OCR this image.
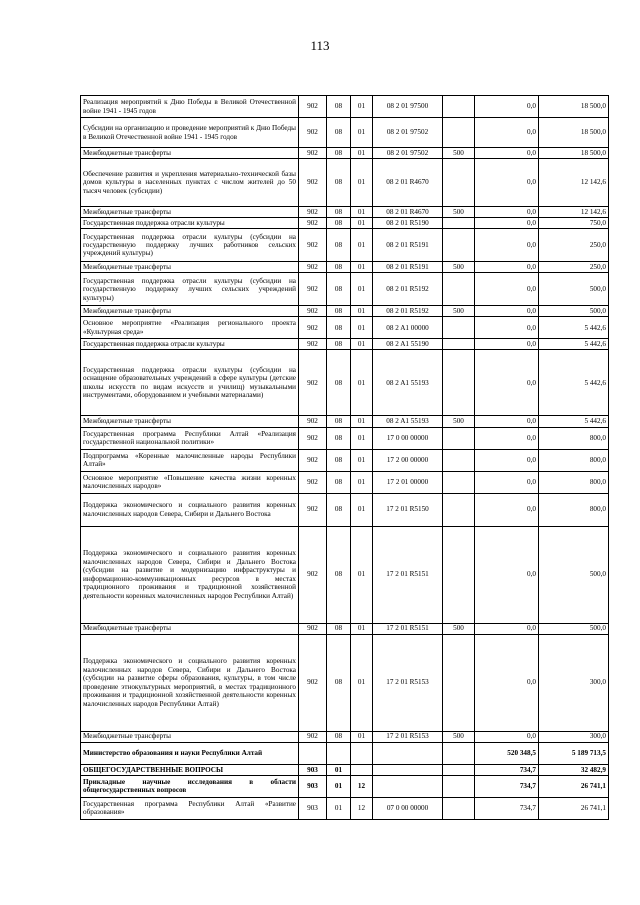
113
Реализация мероприятий к Дню Победы в Великой Отечественной войне 1941 - 1945 годов	902	08	01	08 2 01 97500		0,0	18 500,0
Субсидии на организацию и проведение мероприятий к Дню Победы в Великой Отечественной войне 1941 - 1945 годов	902	08	01	08 2 01 97502		0,0	18 500,0
Межбюджетные трансферты	902	08	01	08 2 01 97502	500	0,0	18 500,0
Обеспечение развития и укрепления материально-технической базы домов культуры в населенных пунктах с числом жителей до 50 тысяч человек (субсидии)	902	08	01	08 2 01 R4670		0,0	12 142,6
Межбюджетные трансферты	902	08	01	08 2 01 R4670	500	0,0	12 142,6
Государственная поддержка отрасли культуры	902	08	01	08 2 01 R5190		0,0	750,0
Государственная поддержка отрасли культуры (субсидии на государственную поддержку лучших работников сельских учреждений культуры)	902	08	01	08 2 01 R5191		0,0	250,0
Межбюджетные трансферты	902	08	01	08 2 01 R5191	500	0,0	250,0
Государственная поддержка отрасли культуры (субсидии на государственную поддержку лучших сельских учреждений культуры)	902	08	01	08 2 01 R5192		0,0	500,0
Межбюджетные трансферты	902	08	01	08 2 01 R5192	500	0,0	500,0
Основное мероприятие «Реализация регионального проекта «Культурная среда»	902	08	01	08 2 A1 00000		0,0	5 442,6
Государственная поддержка отрасли культуры	902	08	01	08 2 A1 55190		0,0	5 442,6
Государственная поддержка отрасли культуры (субсидии на оснащение образовательных учреждений в сфере культуры (детские школы искусств по видам искусств и училищ) музыкальными инструментами, оборудованием и учебными материалами)	902	08	01	08 2 A1 55193		0,0	5 442,6
Межбюджетные трансферты	902	08	01	08 2 A1 55193	500	0,0	5 442,6
Государственная программа Республики Алтай «Реализация государственной национальной политики»	902	08	01	17 0 00 00000		0,0	800,0
Подпрограмма «Коренные малочисленные народы Республики Алтай»	902	08	01	17 2 00 00000		0,0	800,0
Основное мероприятие «Повышение качества жизни коренных малочисленных народов»	902	08	01	17 2 01 00000		0,0	800,0
Поддержка экономического и социального развития коренных малочисленных народов Севера, Сибири и Дальнего Востока	902	08	01	17 2 01 R5150		0,0	800,0
Поддержка экономического и социального развития коренных малочисленных народов Севера, Сибири и Дальнего Востока (субсидии на развитие и модернизацию инфраструктуры и информационно-коммуникационных ресурсов в местах традиционного проживания и традиционной хозяйственной деятельности коренных малочисленных народов Республики Алтай)	902	08	01	17 2 01 R5151		0,0	500,0
Межбюджетные трансферты	902	08	01	17 2 01 R5151	500	0,0	500,0
Поддержка экономического и социального развития коренных малочисленных народов Севера, Сибири и Дальнего Востока (субсидии на развитие сферы образования, культуры, в том числе проведение этнокультурных мероприятий, в местах традиционного проживания и традиционной хозяйственной деятельности коренных малочисленных народов Республики Алтай)	902	08	01	17 2 01 R5153		0,0	300,0
Межбюджетные трансферты	902	08	01	17 2 01 R5153	500	0,0	300,0
Министерство образования и науки Республики Алтай						520 348,5	5 189 713,5
ОБЩЕГОСУДАРСТВЕННЫЕ ВОПРОСЫ	903	01				734,7	32 482,9
Прикладные научные исследования в области общегосударственных вопросов	903	01	12			734,7	26 741,1
Государственная программа Республики Алтай «Развитие образования»	903	01	12	07 0 00 00000		734,7	26 741,1
